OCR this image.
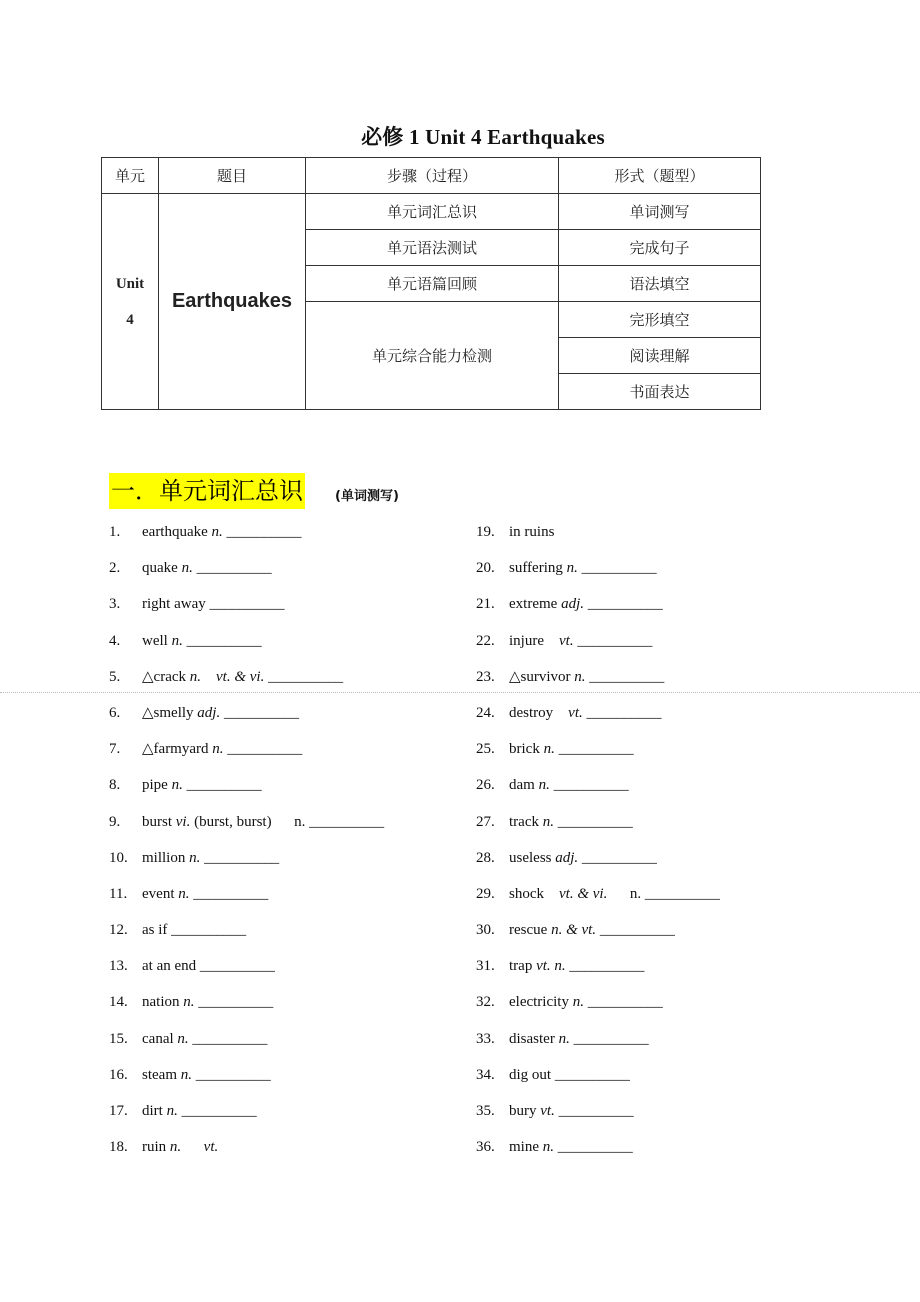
必修 1 Unit 4 Earthquakes
单元	题目	步骤（过程）	形式（题型）
Unit
4	Earthquakes	单元词汇总识	单词测写
		单元语法测试	完成句子
		单元语篇回顾	语法填空
		单元综合能力检测	完形填空
			阅读理解
			书面表达
一．单元词汇总识 (单词测写)
1.	earthquake n. __________
2.	quake n. __________
3.	right away __________
4.	well n. __________
5.	△crack n.    vt. & vi. __________
6.	△smelly adj. __________
7.	△farmyard n. __________
8.	pipe n. __________
9.	burst vi. (burst, burst)      n. __________
10. million n. __________
11. event n. __________
12. as if __________
13. at an end __________
14. nation n. __________
15. canal n. __________
16. steam n. __________
17. dirt n. __________
18. ruin n.      vt.
19. in ruins
20. suffering n. __________
21. extreme adj. __________
22. injure    vt. __________
23. △survivor n. __________
24. destroy    vt. __________
25. brick n. __________
26. dam n. __________
27. track n. __________
28. useless adj. __________
29. shock    vt. & vi.      n. __________
30. rescue n. & vt. __________
31. trap vt. n. __________
32. electricity n. __________
33. disaster n. __________
34. dig out __________
35. bury vt. __________
36. mine n. __________
